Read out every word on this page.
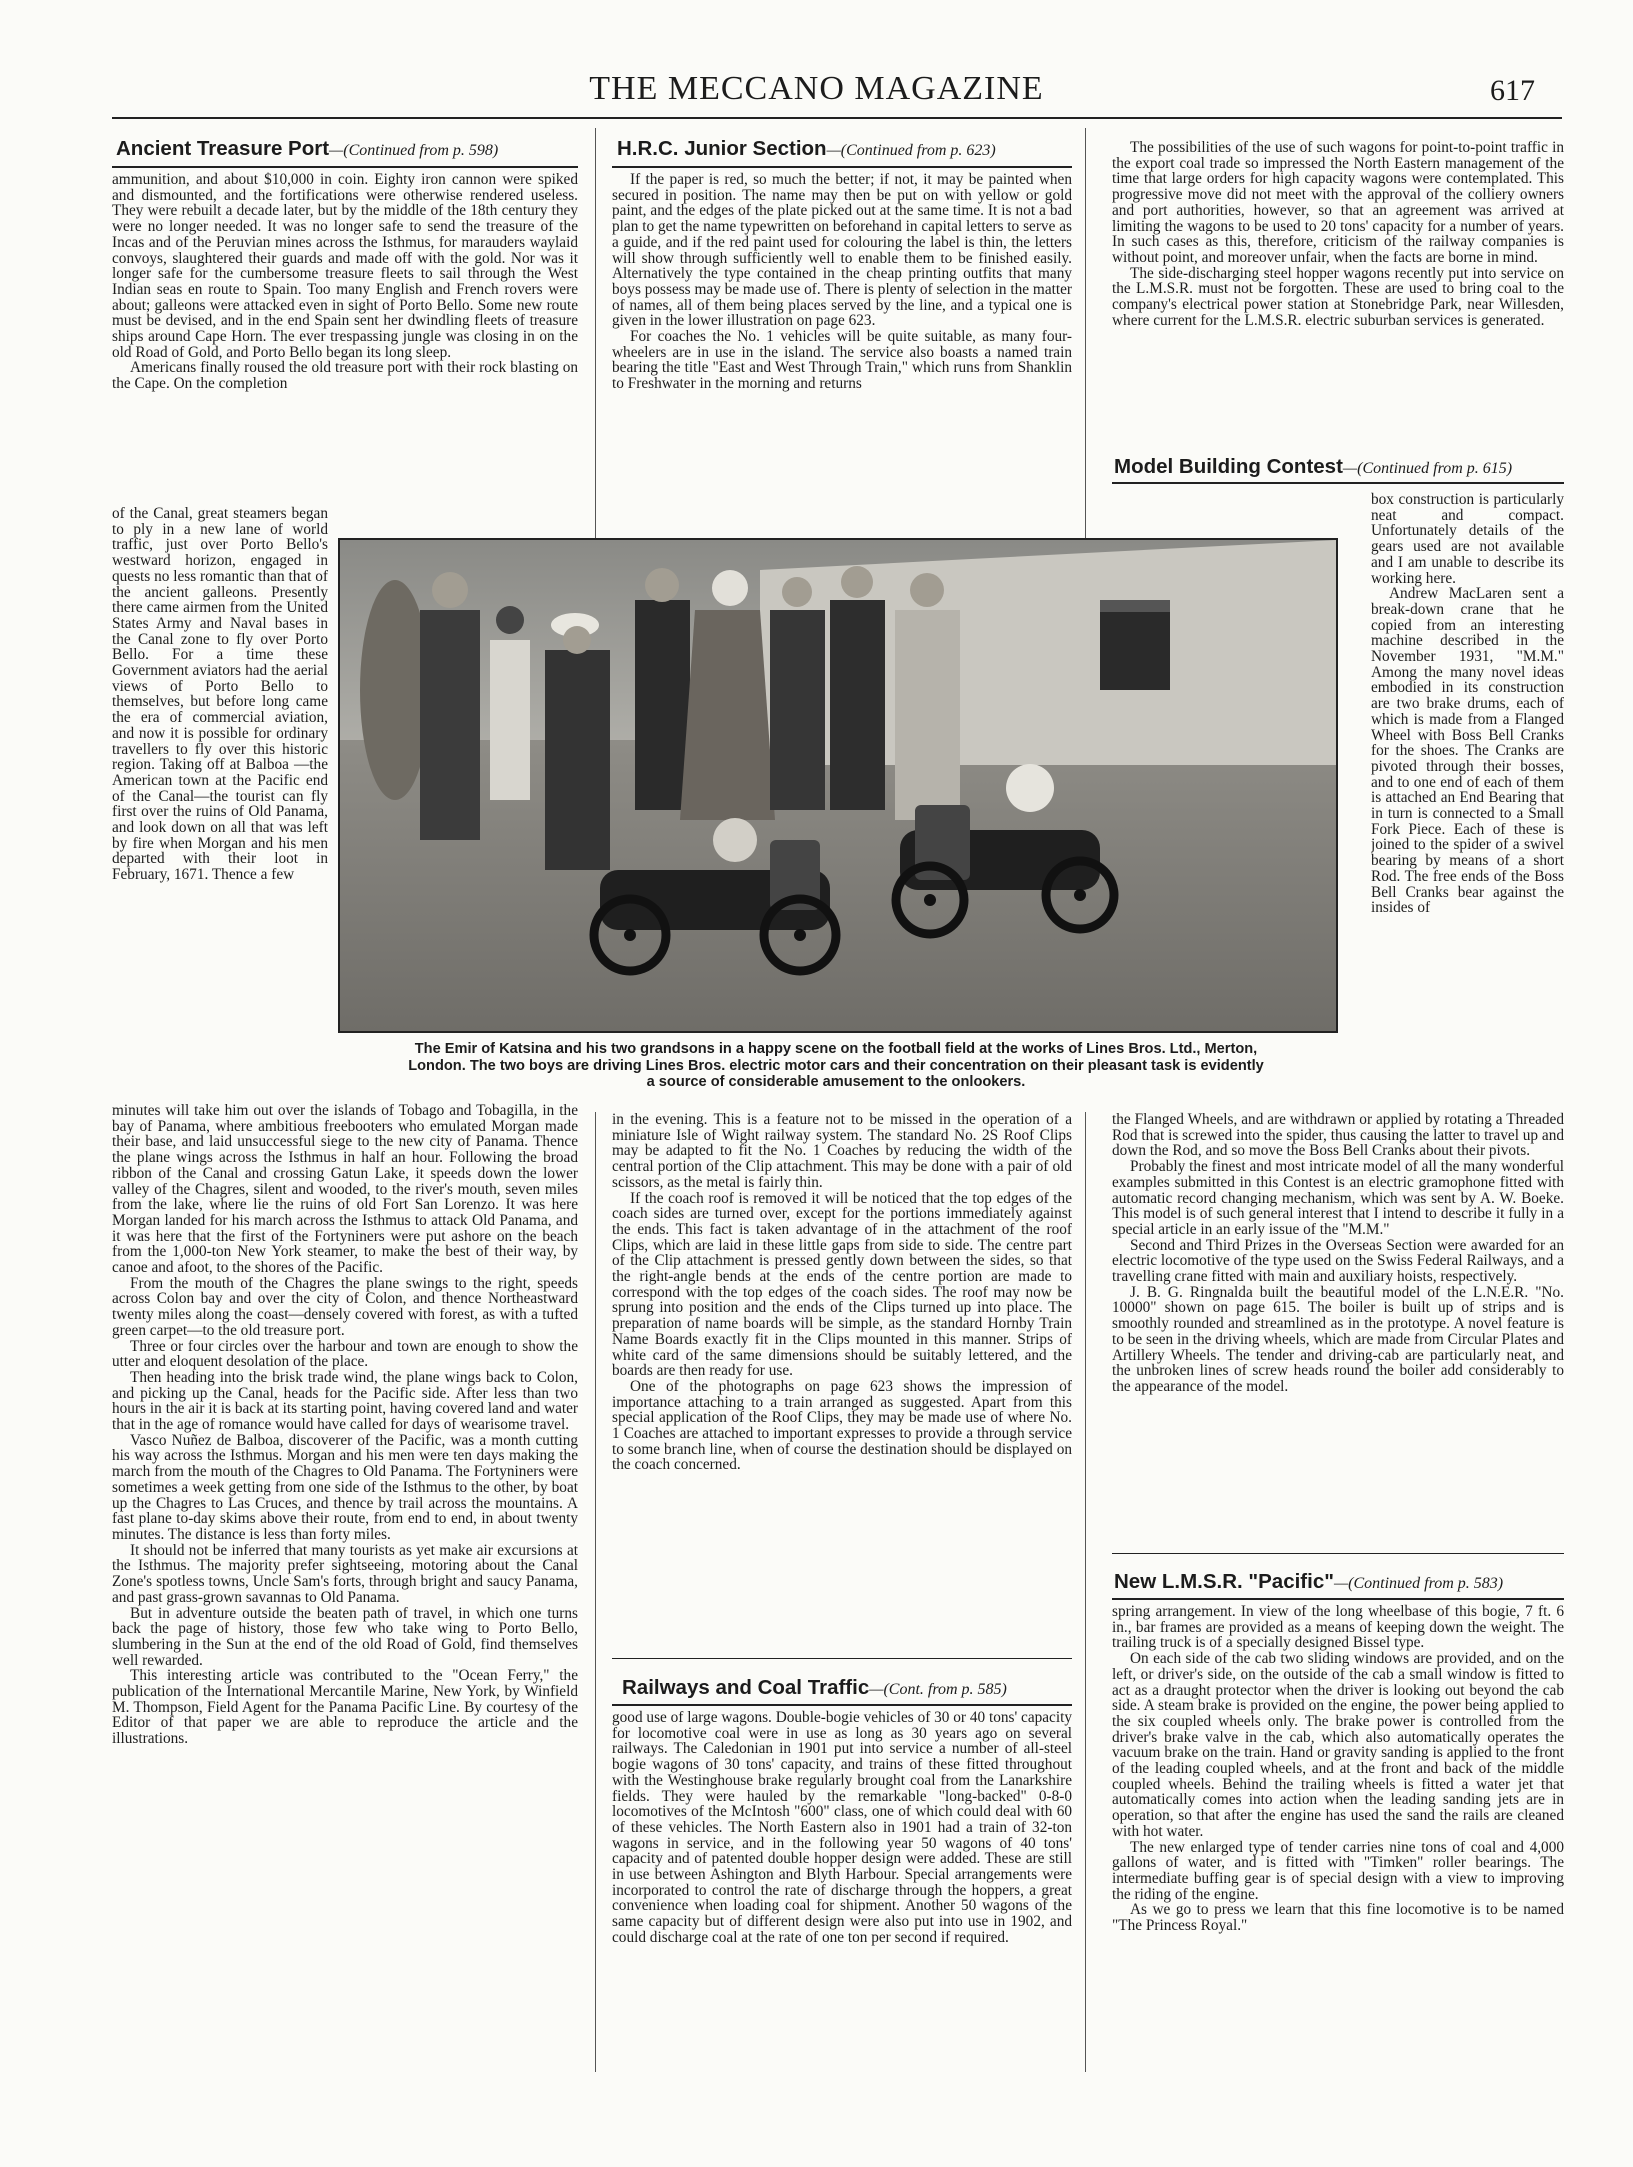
THE MECCANO MAGAZINE	617
Ancient Treasure Port—(Continued from p. 598)

ammunition, and about $10,000 in coin. Eighty iron cannon were spiked and dismounted, and the fortifications were otherwise rendered useless. They were rebuilt a decade later, but by the middle of the 18th century they were no longer needed. It was no longer safe to send the treasure of the Incas and of the Peruvian mines across the Isthmus, for marauders waylaid convoys, slaughtered their guards and made off with the gold. Nor was it longer safe for the cumbersome treasure fleets to sail through the West Indian seas en route to Spain. Too many English and French rovers were about; galleons were attacked even in sight of Porto Bello. Some new route must be devised, and in the end Spain sent her dwindling fleets of treasure ships around Cape Horn. The ever trespassing jungle was closing in on the old Road of Gold, and Porto Bello began its long sleep.

Americans finally roused the old treasure port with their rock blasting on the Cape. On the completion

of the Canal, great steamers began to ply in a new lane of world traffic, just over Porto Bello's westward horizon, engaged in quests no less romantic than that of the ancient galleons. Presently there came airmen from the United States Army and Naval bases in the Canal zone to fly over Porto Bello. For a time these Government aviators had the aerial views of Porto Bello to themselves, but before long came the era of commercial aviation, and now it is possible for ordinary travellers to fly over this historic region. Taking off at Balboa —the American town at the Pacific end of the Canal—the tourist can fly first over the ruins of Old Panama, and look down on all that was left by fire when Morgan and his men departed with their loot in February, 1671. Thence a few

minutes will take him out over the islands of Tobago and Tobagilla, in the bay of Panama, where ambitious freebooters who emulated Morgan made their base, and laid unsuccessful siege to the new city of Panama. Thence the plane wings across the Isthmus in half an hour. Following the broad ribbon of the Canal and crossing Gatun Lake, it speeds down the lower valley of the Chagres, silent and wooded, to the river's mouth, seven miles from the lake, where lie the ruins of old Fort San Lorenzo. It was here Morgan landed for his march across the Isthmus to attack Old Panama, and it was here that the first of the Fortyniners were put ashore on the beach from the 1,000-ton New York steamer, to make the best of their way, by canoe and afoot, to the shores of the Pacific.

From the mouth of the Chagres the plane swings to the right, speeds across Colon bay and over the city of Colon, and thence Northeastward twenty miles along the coast—densely covered with forest, as with a tufted green carpet—to the old treasure port.

Three or four circles over the harbour and town are enough to show the utter and eloquent desolation of the place.

Then heading into the brisk trade wind, the plane wings back to Colon, and picking up the Canal, heads for the Pacific side. After less than two hours in the air it is back at its starting point, having covered land and water that in the age of romance would have called for days of wearisome travel.

Vasco Nuñez de Balboa, discoverer of the Pacific, was a month cutting his way across the Isthmus. Morgan and his men were ten days making the march from the mouth of the Chagres to Old Panama. The Fortyniners were sometimes a week getting from one side of the Isthmus to the other, by boat up the Chagres to Las Cruces, and thence by trail across the mountains. A fast plane to-day skims above their route, from end to end, in about twenty minutes. The distance is less than forty miles.

It should not be inferred that many tourists as yet make air excursions at the Isthmus. The majority prefer sightseeing, motoring about the Canal Zone's spotless towns, Uncle Sam's forts, through bright and saucy Panama, and past grass-grown savannas to Old Panama.

But in adventure outside the beaten path of travel, in which one turns back the page of history, those few who take wing to Porto Bello, slumbering in the Sun at the end of the old Road of Gold, find themselves well rewarded.

This interesting article was contributed to the "Ocean Ferry," the publication of the International Mercantile Marine, New York, by Winfield M. Thompson, Field Agent for the Panama Pacific Line. By courtesy of the Editor of that paper we are able to reproduce the article and the illustrations.

H.R.C. Junior Section—(Continued from p. 623)

If the paper is red, so much the better; if not, it may be painted when secured in position. The name may then be put on with yellow or gold paint, and the edges of the plate picked out at the same time. It is not a bad plan to get the name typewritten on beforehand in capital letters to serve as a guide, and if the red paint used for colouring the label is thin, the letters will show through sufficiently well to enable them to be finished easily. Alternatively the type contained in the cheap printing outfits that many boys possess may be made use of. There is plenty of selection in the matter of names, all of them being places served by the line, and a typical one is given in the lower illustration on page 623.

For coaches the No. 1 vehicles will be quite suitable, as many four-wheelers are in use in the island. The service also boasts a named train bearing the title "East and West Through Train," which runs from Shanklin to Freshwater in the morning and returns

in the evening. This is a feature not to be missed in the operation of a miniature Isle of Wight railway system. The standard No. 2S Roof Clips may be adapted to fit the No. 1 Coaches by reducing the width of the central portion of the Clip attachment. This may be done with a pair of old scissors, as the metal is fairly thin.

If the coach roof is removed it will be noticed that the top edges of the coach sides are turned over, except for the portions immediately against the ends. This fact is taken advantage of in the attachment of the roof Clips, which are laid in these little gaps from side to side. The centre part of the Clip attachment is pressed gently down between the sides, so that the right-angle bends at the ends of the centre portion are made to correspond with the top edges of the coach sides. The roof may now be sprung into position and the ends of the Clips turned up into place. The preparation of name boards will be simple, as the standard Hornby Train Name Boards exactly fit in the Clips mounted in this manner. Strips of white card of the same dimensions should be suitably lettered, and the boards are then ready for use.

One of the photographs on page 623 shows the impression of importance attaching to a train arranged as suggested. Apart from this special application of the Roof Clips, they may be made use of where No. 1 Coaches are attached to important expresses to provide a through service to some branch line, when of course the destination should be displayed on the coach concerned.

Railways and Coal Traffic—(Cont. from p. 585)

good use of large wagons. Double-bogie vehicles of 30 or 40 tons' capacity for locomotive coal were in use as long as 30 years ago on several railways. The Caledonian in 1901 put into service a number of all-steel bogie wagons of 30 tons' capacity, and trains of these fitted throughout with the Westinghouse brake regularly brought coal from the Lanarkshire fields. They were hauled by the remarkable "long-backed" 0-8-0 locomotives of the McIntosh "600" class, one of which could deal with 60 of these vehicles. The North Eastern also in 1901 had a train of 32-ton wagons in service, and in the following year 50 wagons of 40 tons' capacity and of patented double hopper design were added. These are still in use between Ashington and Blyth Harbour. Special arrangements were incorporated to control the rate of discharge through the hoppers, a great convenience when loading coal for shipment. Another 50 wagons of the same capacity but of different design were also put into use in 1902, and could discharge coal at the rate of one ton per second if required.

The possibilities of the use of such wagons for point-to-point traffic in the export coal trade so impressed the North Eastern management of the time that large orders for high capacity wagons were contemplated. This progressive move did not meet with the approval of the colliery owners and port authorities, however, so that an agreement was arrived at limiting the wagons to be used to 20 tons' capacity for a number of years. In such cases as this, therefore, criticism of the railway companies is without point, and moreover unfair, when the facts are borne in mind.

The side-discharging steel hopper wagons recently put into service on the L.M.S.R. must not be forgotten. These are used to bring coal to the company's electrical power station at Stonebridge Park, near Willesden, where current for the L.M.S.R. electric suburban services is generated.

Model Building Contest—(Continued from p. 615)

box construction is particularly neat and compact. Unfortunately details of the gears used are not available and I am unable to describe its working here.

Andrew MacLaren sent a break-down crane that he copied from an interesting machine described in the November 1931, "M.M." Among the many novel ideas embodied in its construction are two brake drums, each of which is made from a Flanged Wheel with Boss Bell Cranks for the shoes. The Cranks are pivoted through their bosses, and to one end of each of them is attached an End Bearing that in turn is connected to a Small Fork Piece. Each of these is joined to the spider of a swivel bearing by means of a short Rod. The free ends of the Boss Bell Cranks bear against the insides of

the Flanged Wheels, and are withdrawn or applied by rotating a Threaded Rod that is screwed into the spider, thus causing the latter to travel up and down the Rod, and so move the Boss Bell Cranks about their pivots.

Probably the finest and most intricate model of all the many wonderful examples submitted in this Contest is an electric gramophone fitted with automatic record changing mechanism, which was sent by A. W. Boeke. This model is of such general interest that I intend to describe it fully in a special article in an early issue of the "M.M."

Second and Third Prizes in the Overseas Section were awarded for an electric locomotive of the type used on the Swiss Federal Railways, and a travelling crane fitted with main and auxiliary hoists, respectively.

J. B. G. Ringnalda built the beautiful model of the L.N.E.R. "No. 10000" shown on page 615. The boiler is built up of strips and is smoothly rounded and streamlined as in the prototype. A novel feature is to be seen in the driving wheels, which are made from Circular Plates and Artillery Wheels. The tender and driving-cab are particularly neat, and the unbroken lines of screw heads round the boiler add considerably to the appearance of the model.

New L.M.S.R. "Pacific"—(Continued from p. 583)

spring arrangement. In view of the long wheelbase of this bogie, 7 ft. 6 in., bar frames are provided as a means of keeping down the weight. The trailing truck is of a specially designed Bissel type.

On each side of the cab two sliding windows are provided, and on the left, or driver's side, on the outside of the cab a small window is fitted to act as a draught protector when the driver is looking out beyond the cab side. A steam brake is provided on the engine, the power being applied to the six coupled wheels only. The brake power is controlled from the driver's brake valve in the cab, which also automatically operates the vacuum brake on the train. Hand or gravity sanding is applied to the front of the leading coupled wheels, and at the front and back of the middle coupled wheels. Behind the trailing wheels is fitted a water jet that automatically comes into action when the leading sanding jets are in operation, so that after the engine has used the sand the rails are cleaned with hot water.

The new enlarged type of tender carries nine tons of coal and 4,000 gallons of water, and is fitted with "Timken" roller bearings. The intermediate buffing gear is of special design with a view to improving the riding of the engine.

As we go to press we learn that this fine locomotive is to be named "The Princess Royal."

The Emir of Katsina and his two grandsons in a happy scene on the football field at the works of Lines Bros. Ltd., Merton,
London. The two boys are driving Lines Bros. electric motor cars and their concentration on their pleasant task is evidently
a source of considerable amusement to the onlookers.
